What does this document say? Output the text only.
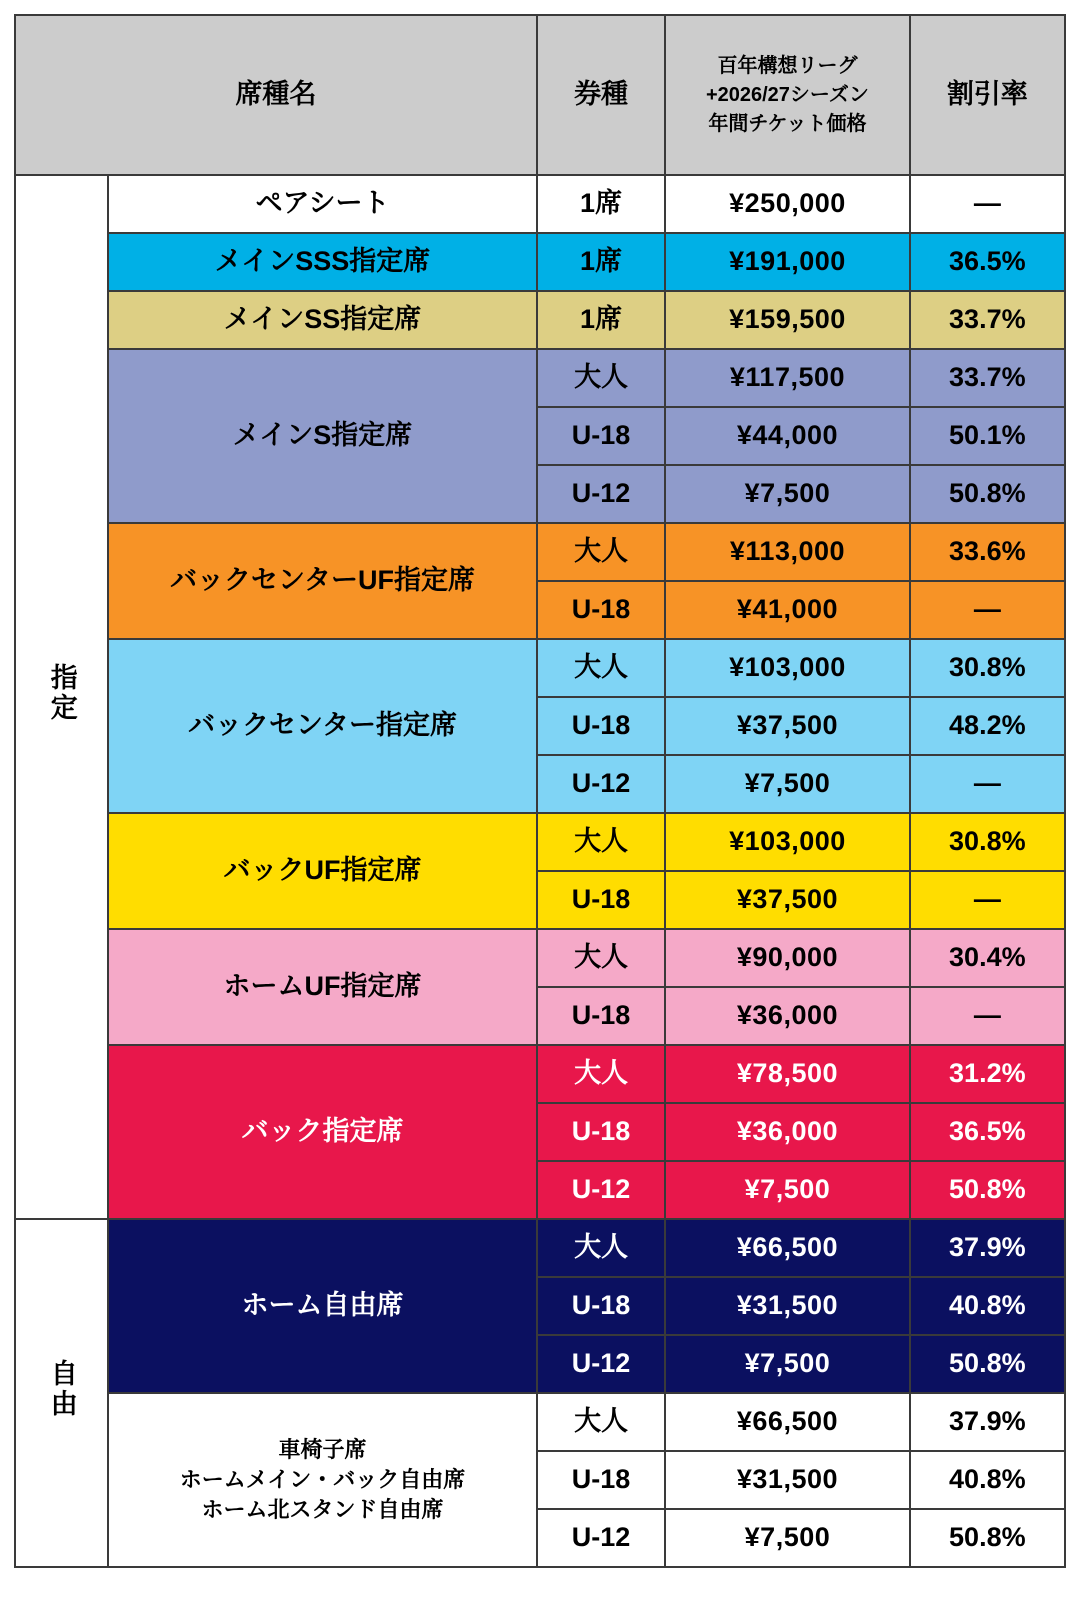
席種名		券種	百年構想リーグ
+2026/27シーズン
年間チケット価格	割引率
指定	ペアシート	1席	¥250,000	—
	メインSSS指定席	1席	¥191,000	36.5%
	メインSS指定席	1席	¥159,500	33.7%
	メインS指定席	大人	¥117,500	33.7%
		U-18	¥44,000	50.1%
		U-12	¥7,500	50.8%
	バックセンターUF指定席	大人	¥113,000	33.6%
		U-18	¥41,000	—
	バックセンター指定席	大人	¥103,000	30.8%
		U-18	¥37,500	48.2%
		U-12	¥7,500	—
	バックUF指定席	大人	¥103,000	30.8%
		U-18	¥37,500	—
	ホームUF指定席	大人	¥90,000	30.4%
		U-18	¥36,000	—
	バック指定席	大人	¥78,500	31.2%
		U-18	¥36,000	36.5%
		U-12	¥7,500	50.8%
自由	ホーム自由席	大人	¥66,500	37.9%
		U-18	¥31,500	40.8%
		U-12	¥7,500	50.8%

	車椅子席
ホームメイン・バック自由席
ホーム北スタンド自由席	大人	¥66,500	37.9%
		U-18	¥31,500	40.8%
		U-12	¥7,500	50.8%
